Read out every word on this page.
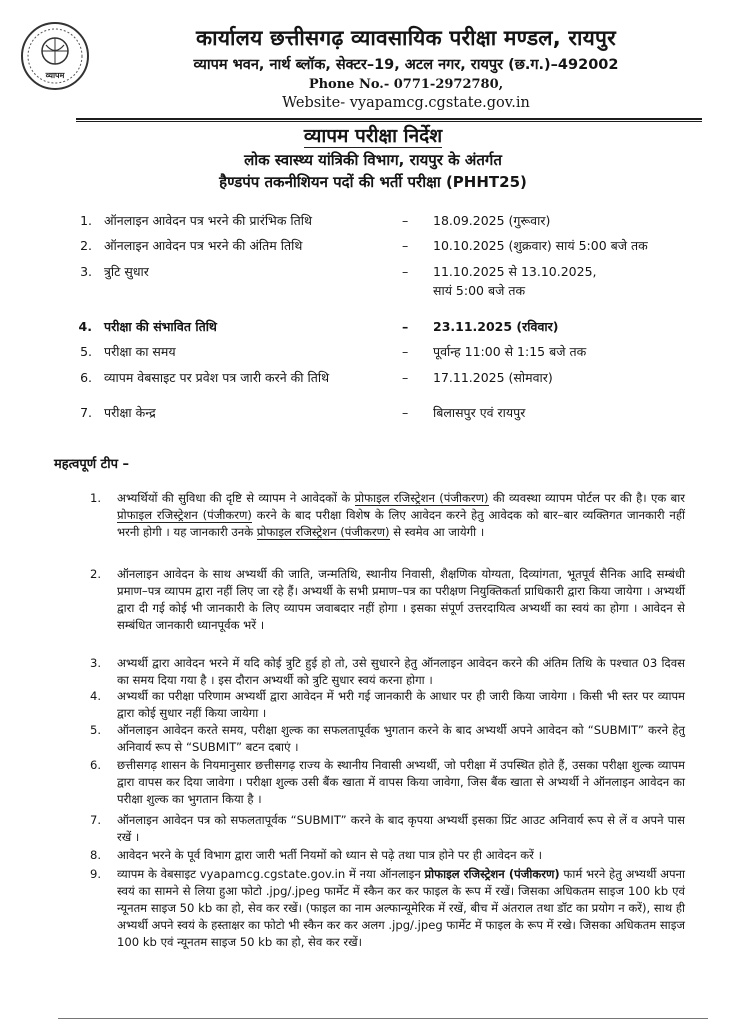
व्यापम
कार्यालय छत्तीसगढ़ व्यावसायिक परीक्षा मण्डल, रायपुर
व्यापम भवन, नार्थ ब्लॉक, सेक्टर–19, अटल नगर, रायपुर (छ.ग.)–492002
Phone No.- 0771-2972780,
Website- vyapamcg.cgstate.gov.in
व्यापम परीक्षा निर्देश
लोक स्वास्थ्य यांत्रिकी विभाग, रायपुर के अंतर्गत
हैण्डपंप तकनीशियन पदों की भर्ती परीक्षा (PHHT25)
1. ऑनलाइन आवेदन पत्र भरने की प्रारंभिक तिथि	– 18.09.2025 (गुरूवार)
2. ऑनलाइन आवेदन पत्र भरने की अंतिम तिथि	– 10.10.2025 (शुक्रवार) सायं 5:00 बजे तक
3. त्रुटि सुधार	– 11.10.2025 से 13.10.2025,
सायं 5:00 बजे तक
4. परीक्षा की संभावित तिथि	– 23.11.2025 (रविवार)
5. परीक्षा का समय	– पूर्वान्ह 11:00 से 1:15 बजे तक
6. व्यापम वेबसाइट पर प्रवेश पत्र जारी करने की तिथि	– 17.11.2025 (सोमवार)
7. परीक्षा केन्द्र	– बिलासपुर एवं रायपुर
महत्वपूर्ण टीप –
1.	अभ्यर्थियों की सुविधा की दृष्टि से व्यापम ने आवेदकों के प्रोफाइल रजिस्ट्रेशन (पंजीकरण) की व्यवस्था व्यापम पोर्टल पर की है। एक बार प्रोफाइल रजिस्ट्रेशन (पंजीकरण) करने के बाद परीक्षा विशेष के लिए आवेदन करने हेतु आवेदक को बार–बार व्यक्तिगत जानकारी नहीं भरनी होगी । यह जानकारी उनके प्रोफाइल रजिस्ट्रेशन (पंजीकरण) से स्वमेव आ जायेगी ।
2.	ऑनलाइन आवेदन के साथ अभ्यर्थी की जाति, जन्मतिथि, स्थानीय निवासी, शैक्षणिक योग्यता, दिव्यांगता, भूतपूर्व सैनिक आदि सम्बंधी प्रमाण–पत्र व्यापम द्वारा नहीं लिए जा रहे हैं। अभ्यर्थी के सभी प्रमाण–पत्र का परीक्षण नियुक्तिकर्ता प्राधिकारी द्वारा किया जायेगा । अभ्यर्थी द्वारा दी गई कोई भी जानकारी के लिए व्यापम जवाबदार नहीं होगा । इसका संपूर्ण उत्तरदायित्व अभ्यर्थी का स्वयं का होगा । आवेदन से सम्बंधित जानकारी ध्यानपूर्वक भरें ।
3.	अभ्यर्थी द्वारा आवेदन भरने में यदि कोई त्रुटि हुई हो तो, उसे सुधारने हेतु ऑनलाइन आवेदन करने की अंतिम तिथि के पश्चात 03 दिवस का समय दिया गया है । इस दौरान अभ्यर्थी को त्रुटि सुधार स्वयं करना होगा ।
4.	अभ्यर्थी का परीक्षा परिणाम अभ्यर्थी द्वारा आवेदन में भरी गई जानकारी के आधार पर ही जारी किया जायेगा । किसी भी स्तर पर व्यापम द्वारा कोई सुधार नहीं किया जायेगा ।
5.	ऑनलाइन आवेदन करते समय, परीक्षा शुल्क का सफलतापूर्वक भुगतान करने के बाद अभ्यर्थी अपने आवेदन को “SUBMIT” करने हेतु अनिवार्य रूप से “SUBMIT” बटन दबाएं ।
6.	छत्तीसगढ़ शासन के नियमानुसार छत्तीसगढ़ राज्य के स्थानीय निवासी अभ्यर्थी, जो परीक्षा में उपस्थित होते हैं, उसका परीक्षा शुल्क व्यापम द्वारा वापस कर दिया जावेगा । परीक्षा शुल्क उसी बैंक खाता में वापस किया जावेगा, जिस बैंक खाता से अभ्यर्थी ने ऑनलाइन आवेदन का परीक्षा शुल्क का भुगतान किया है ।
7.	ऑनलाइन आवेदन पत्र को सफलतापूर्वक “SUBMIT” करने के बाद कृपया अभ्यर्थी इसका प्रिंट आउट अनिवार्य रूप से लें व अपने पास रखें ।
8.	आवेदन भरने के पूर्व विभाग द्वारा जारी भर्ती नियमों को ध्यान से पढ़े तथा पात्र होने पर ही आवेदन करें ।
9.	व्यापम के वेबसाइट vyapamcg.cgstate.gov.in में नया ऑनलाइन प्रोफाइल रजिस्ट्रेशन (पंजीकरण) फार्म भरने हेतु अभ्यर्थी अपना स्वयं का सामने से लिया हुआ फोटो .jpg/.jpeg फार्मेट में स्कैन कर कर फाइल के रूप में रखें। जिसका अधिकतम साइज 100 kb एवं न्यूनतम साइज 50 kb का हो, सेव कर रखें। (फाइल का नाम अल्फान्यूमेरिक में रखें, बीच में अंतराल तथा डॉट का प्रयोग न करें), साथ ही अभ्यर्थी अपने स्वयं के हस्ताक्षर का फोटो भी स्कैन कर कर अलग .jpg/.jpeg फार्मेट में फाइल के रूप में रखे। जिसका अधिकतम साइज 100 kb एवं न्यूनतम साइज 50 kb का हो, सेव कर रखें।
